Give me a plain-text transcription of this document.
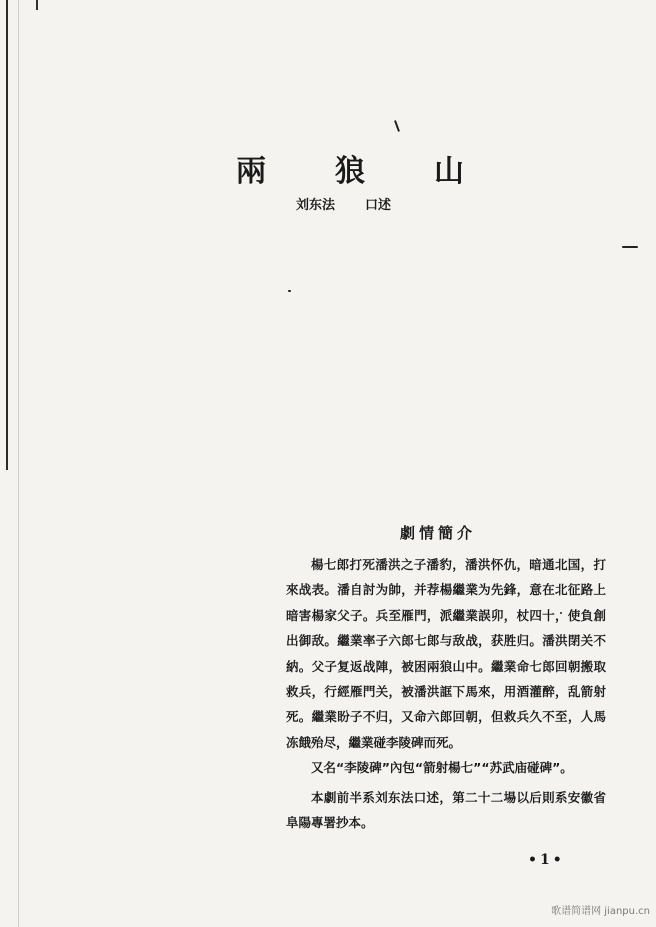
兩 狼 山
刘东法 口述
劇情簡介

楊七郎打死潘洪之子潘豹，潘洪怀仇，暗通北国，打來战表。潘自討为帥，并荐楊繼業为先鋒，意在北征路上暗害楊家父子。兵至雁門，派繼業誤卯，杖四十，使負創出御敌。繼業率子六郎七郎与敌战，获胜归。潘洪閉关不納。父子复返战陣，被困兩狼山中。繼業命七郎回朝搬取救兵，行經雁門关，被潘洪誆下馬來，用酒灌醉，乱箭射死。繼業盼子不归，又命六郎回朝，但救兵久不至，人馬冻餓殆尽，繼業碰李陵碑而死。

又名“李陵碑”內包“箭射楊七”“苏武庙碰碑”。

本劇前半系刘东法口述，第二十二場以后則系安徽省阜陽專署抄本。

•1•
歌谱简谱网 jianpu.cn
